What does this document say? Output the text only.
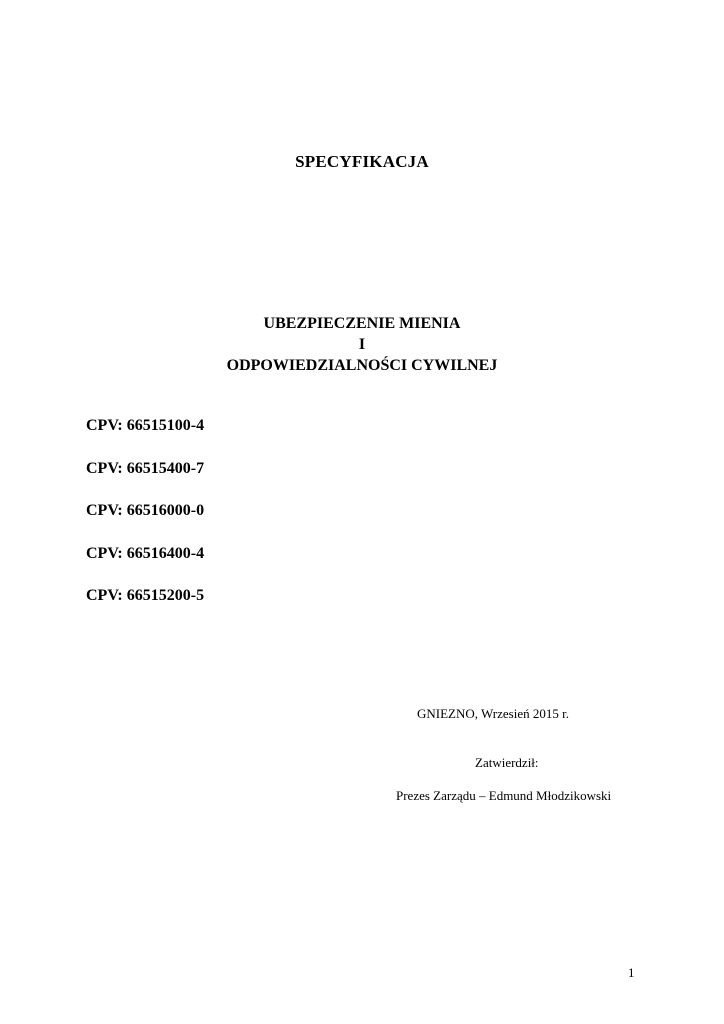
SPECYFIKACJA
UBEZPIECZENIE MIENIA
I
ODPOWIEDZIALNOŚCI CYWILNEJ
CPV: 66515100-4
CPV: 66515400-7
CPV: 66516000-0
CPV: 66516400-4
CPV: 66515200-5
GNIEZNO, Wrzesień 2015 r.
Zatwierdził:
Prezes Zarządu – Edmund Młodzikowski
1
